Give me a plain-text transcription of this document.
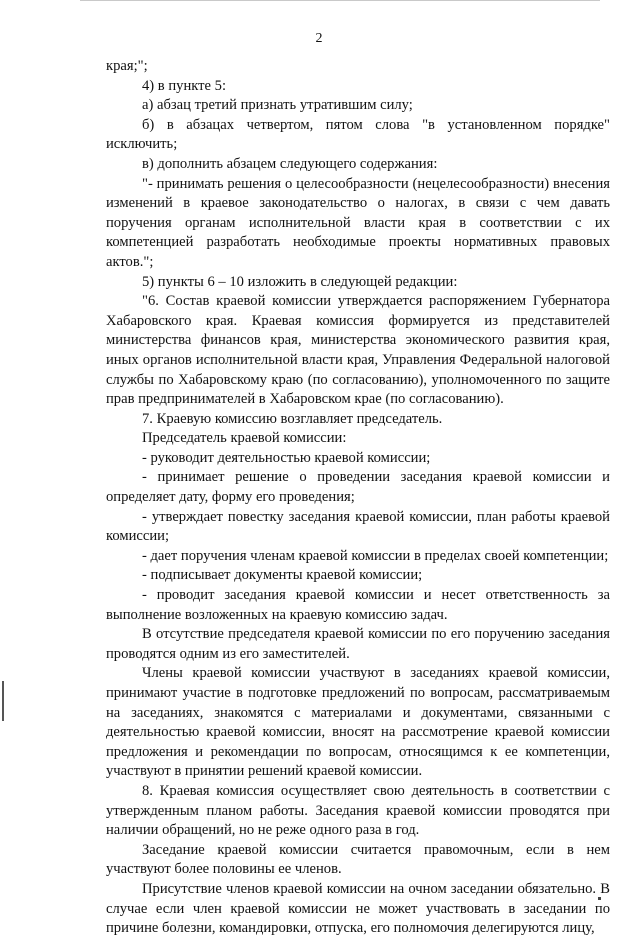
2

края;";

4) в пункте 5:

а) абзац третий признать утратившим силу;

б) в абзацах четвертом, пятом слова "в установленном порядке" исключить;

в) дополнить абзацем следующего содержания:

"- принимать решения о целесообразности (нецелесообразности) внесения изменений в краевое законодательство о налогах, в связи с чем давать поручения органам исполнительной власти края в соответствии с их компетенцией разработать необходимые проекты нормативных правовых актов.";

5) пункты 6 – 10 изложить в следующей редакции:

"6. Состав краевой комиссии утверждается распоряжением Губернатора Хабаровского края. Краевая комиссия формируется из представителей министерства финансов края, министерства экономического развития края, иных органов исполнительной власти края, Управления Федеральной налоговой службы по Хабаровскому краю (по согласованию), уполномоченного по защите прав предпринимателей в Хабаровском крае (по согласованию).

7. Краевую комиссию возглавляет председатель.

Председатель краевой комиссии:

- руководит деятельностью краевой комиссии;

- принимает решение о проведении заседания краевой комиссии и определяет дату, форму его проведения;

- утверждает повестку заседания краевой комиссии, план работы краевой комиссии;

- дает поручения членам краевой комиссии в пределах своей компетенции;

- подписывает документы краевой комиссии;

- проводит заседания краевой комиссии и несет ответственность за выполнение возложенных на краевую комиссию задач.

В отсутствие председателя краевой комиссии по его поручению заседания проводятся одним из его заместителей.

Члены краевой комиссии участвуют в заседаниях краевой комиссии, принимают участие в подготовке предложений по вопросам, рассматриваемым на заседаниях, знакомятся с материалами и документами, связанными с деятельностью краевой комиссии, вносят на рассмотрение краевой комиссии предложения и рекомендации по вопросам, относящимся к ее компетенции, участвуют в принятии решений краевой комиссии.

8. Краевая комиссия осуществляет свою деятельность в соответствии с утвержденным планом работы. Заседания краевой комиссии проводятся при наличии обращений, но не реже одного раза в год.

Заседание краевой комиссии считается правомочным, если в нем участвуют более половины ее членов.

Присутствие членов краевой комиссии на очном заседании обязательно. В случае если член краевой комиссии не может участвовать в заседании по причине болезни, командировки, отпуска, его полномочия делегируются лицу,
